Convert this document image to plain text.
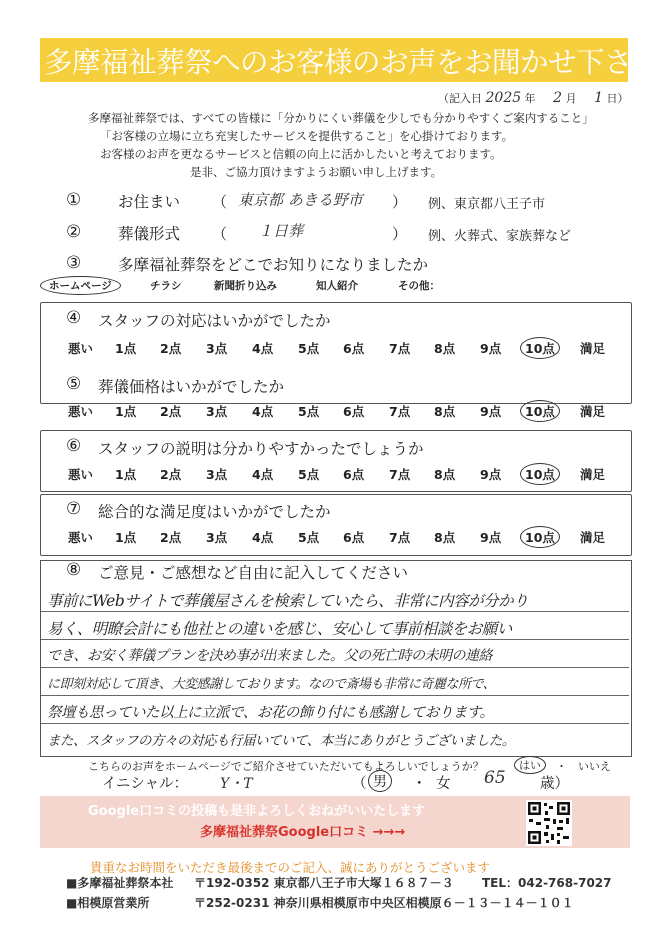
多摩福祉葬祭へのお客様のお声をお聞かせ下さい
（記入日 2025 年 2 月 1 日）
多摩福祉葬祭では、すべての皆様に「分かりにくい葬儀を少しでも分かりやすくご案内すること」
「お客様の立場に立ち充実したサービスを提供すること」を心掛けております。
お客様のお声を更なるサービスと信頼の向上に活かしたいと考えております。
是非、ご協力頂けますようお願い申し上げます。
① お住まい （ 東京都 あきる野市 ） 例、東京都八王子市
② 葬儀形式 （ １日葬	） 例、火葬式、家族葬など
③ 多摩福祉葬祭をどこでお知りになりましたか
ホームページ	チラシ	新聞折り込み	知人紹介	その他：
④ スタッフの対応はいかがでしたか
悪い 1点 2点 3点 4点 5点 6点 7点 8点 9点	10点	満足
⑤ 葬儀価格はいかがでしたか
悪い 1点 2点 3点 4点 5点 6点 7点 8点 9点	10点	満足
⑥ スタッフの説明は分かりやすかったでしょうか
悪い 1点 2点 3点 4点 5点 6点 7点 8点 9点	10点	満足
⑦ 総合的な満足度はいかがでしたか
悪い 1点 2点 3点 4点 5点 6点 7点 8点 9点	10点	満足
⑧ ご意見・ご感想など自由に記入してください
事前にWebサイトで葬儀屋さんを検索していたら、非常に内容が分かり
易く、明瞭会計にも他社との違いを感じ、安心して事前相談をお願い
でき、お安く葬儀プランを決め事が出来ました。父の死亡時の未明の連絡
に即刻対応して頂き、大変感謝しております。なので斎場も非常に奇麗な所で、
祭壇も思っていた以上に立派で、お花の飾り付にも感謝しております。
また、スタッフの方々の対応も行届いていて、本当にありがとうございました。
こちらのお声をホームページでご紹介させていただいてもよろしいでしょうか？	はい	・ いいえ
イニシャル： Y・T	（ 男	・ 女 65 歳）
Google口コミの投稿も是非よろしくおねがいいたします
多摩福祉葬祭Google口コミ →→→
貴重なお時間をいただき最後までのご記入、誠にありがとうございます
■多摩福祉葬祭本社 〒192-0352 東京都八王子市大塚１６８７－３ TEL：042-768-7027
■相模原営業所	〒252-0231 神奈川県相模原市中央区相模原６－１３－１４－１０１
